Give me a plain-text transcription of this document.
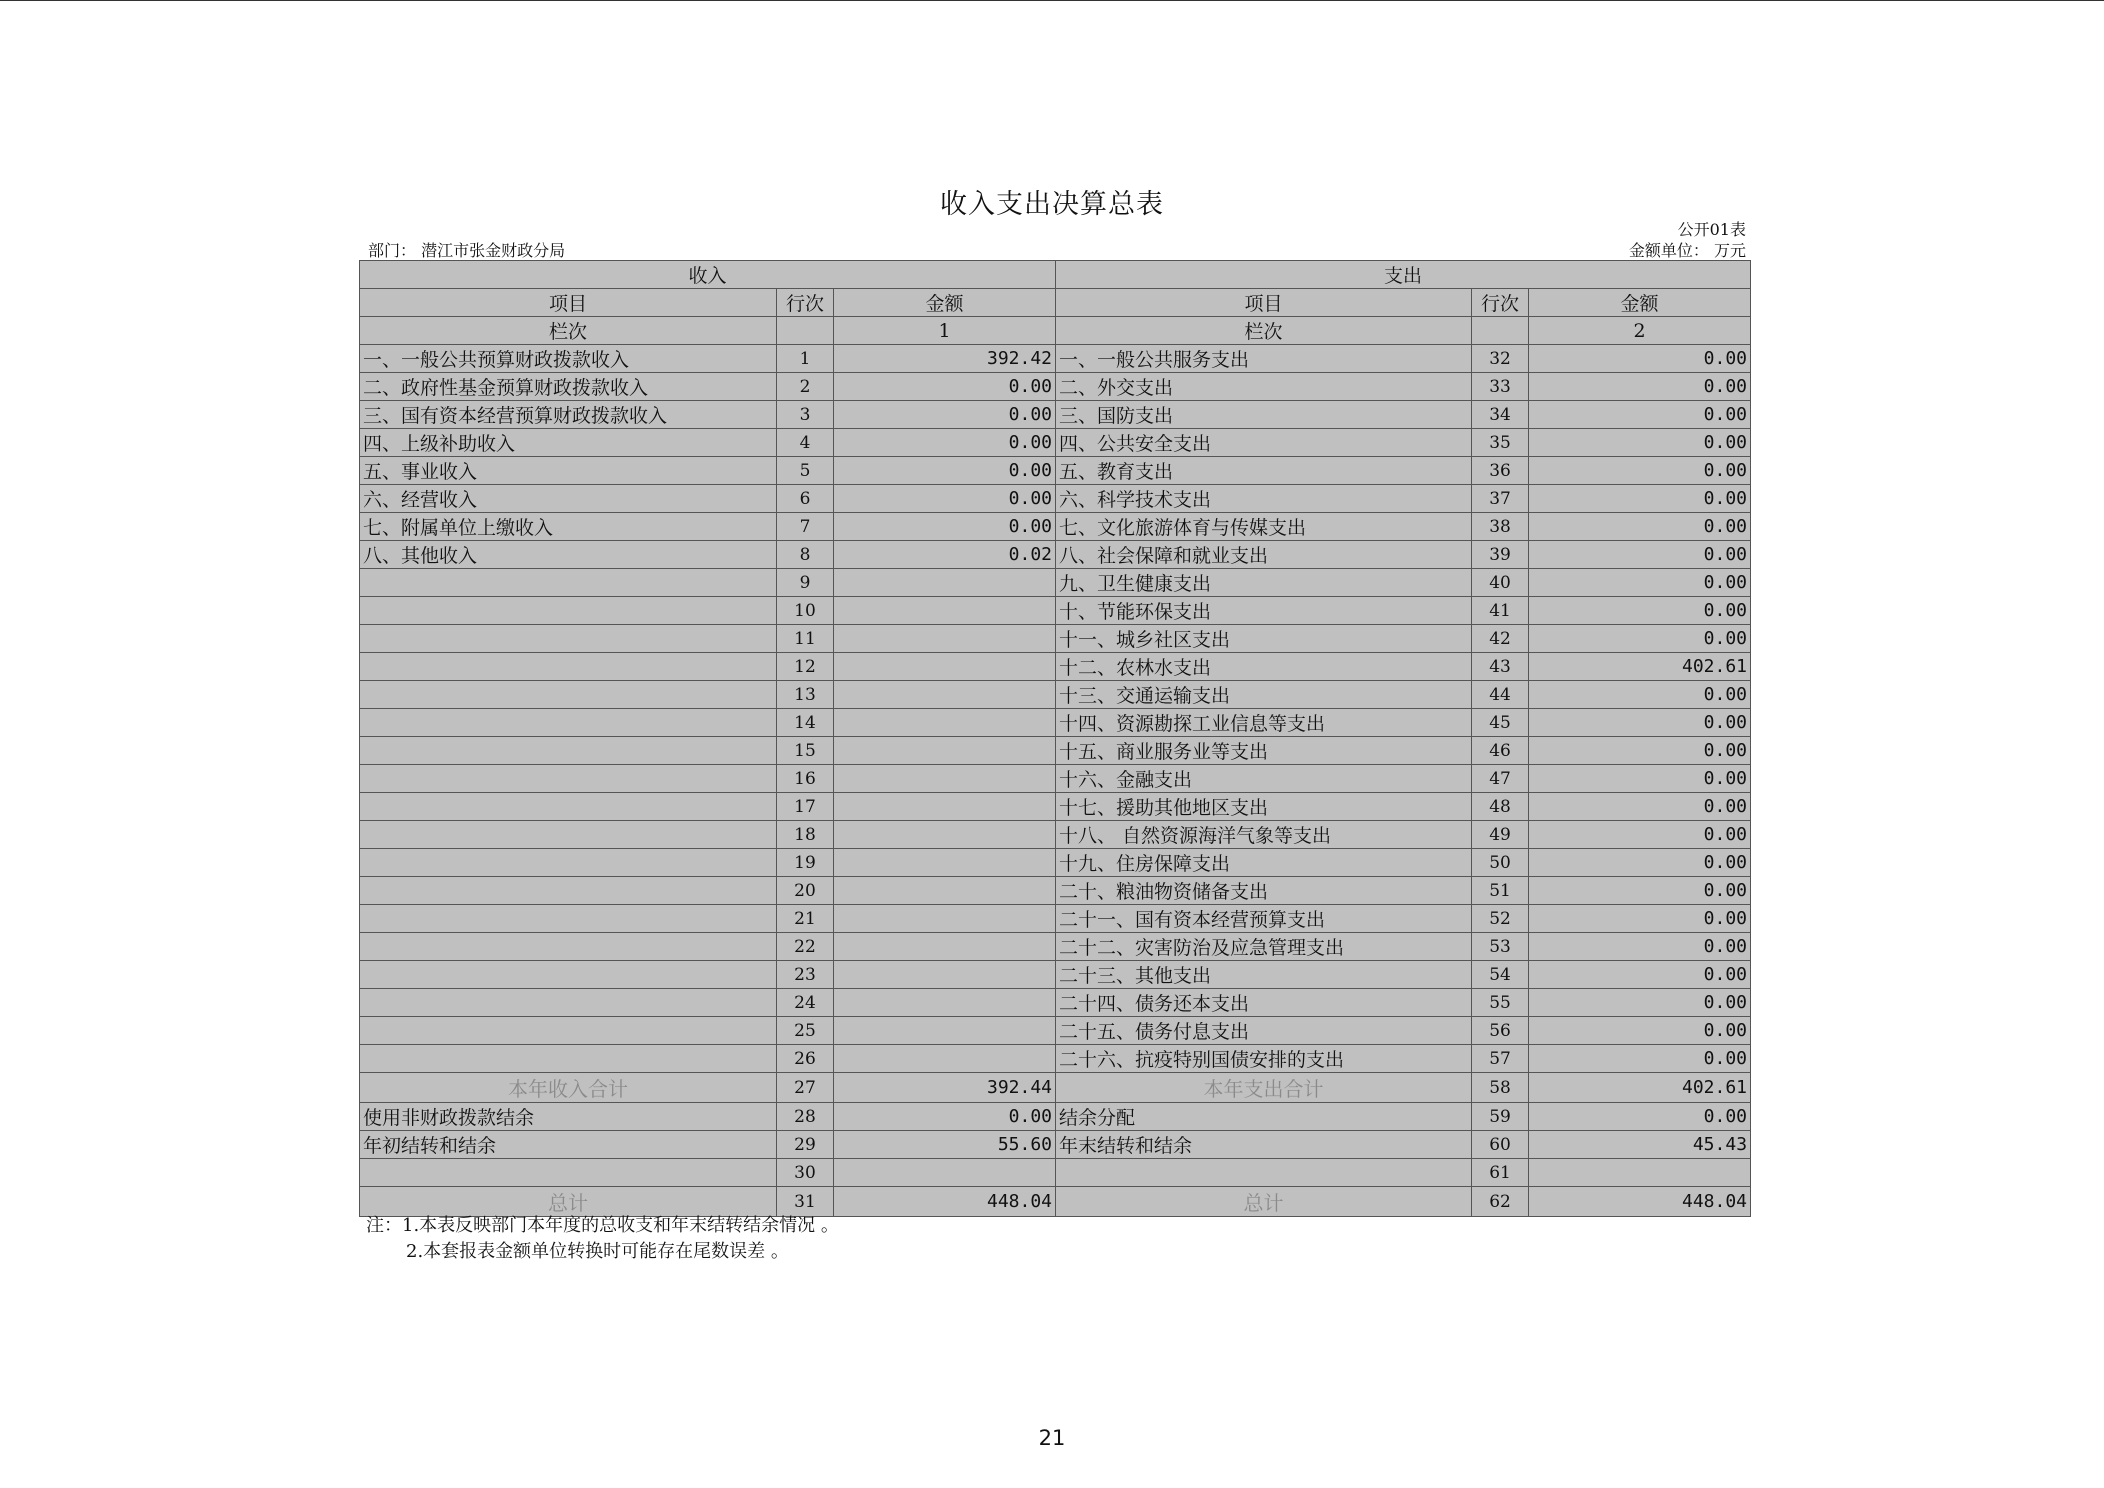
收入支出决算总表
公开01表
部门： 潜江市张金财政分局	金额单位： 万元
收入			支出		
项目	行次	金额	项目	行次	金额
栏次		1	栏次		2
一、一般公共预算财政拨款收入	1	392.42	一、一般公共服务支出	32	0.00
二、政府性基金预算财政拨款收入	2	0.00	二、外交支出	33	0.00
三、国有资本经营预算财政拨款收入	3	0.00	三、国防支出	34	0.00
四、上级补助收入	4	0.00	四、公共安全支出	35	0.00
五、事业收入	5	0.00	五、教育支出	36	0.00
六、经营收入	6	0.00	六、科学技术支出	37	0.00
七、附属单位上缴收入	7	0.00	七、文化旅游体育与传媒支出	38	0.00
八、其他收入	8	0.02	八、社会保障和就业支出	39	0.00
	9		九、卫生健康支出	40	0.00
	10		十、节能环保支出	41	0.00
	11		十一、城乡社区支出	42	0.00
	12		十二、农林水支出	43	402.61
	13		十三、交通运输支出	44	0.00
	14		十四、资源勘探工业信息等支出	45	0.00
	15		十五、商业服务业等支出	46	0.00
	16		十六、金融支出	47	0.00
	17		十七、援助其他地区支出	48	0.00
	18		十八、 自然资源海洋气象等支出	49	0.00
	19		十九、住房保障支出	50	0.00
	20		二十、粮油物资储备支出	51	0.00
	21		二十一、国有资本经营预算支出	52	0.00
	22		二十二、灾害防治及应急管理支出	53	0.00
	23		二十三、其他支出	54	0.00
	24		二十四、债务还本支出	55	0.00
	25		二十五、债务付息支出	56	0.00
	26		二十六、抗疫特别国债安排的支出	57	0.00
本年收入合计	27	392.44	本年支出合计	58	402.61
使用非财政拨款结余	28	0.00	结余分配	59	0.00
年初结转和结余	29	55.60	年末结转和结余	60	45.43
	30			61	
总计	31	448.04	总计	62	448.04
注：1.本表反映部门本年度的总收支和年末结转结余情况 。
2.本套报表金额单位转换时可能存在尾数误差 。
21
